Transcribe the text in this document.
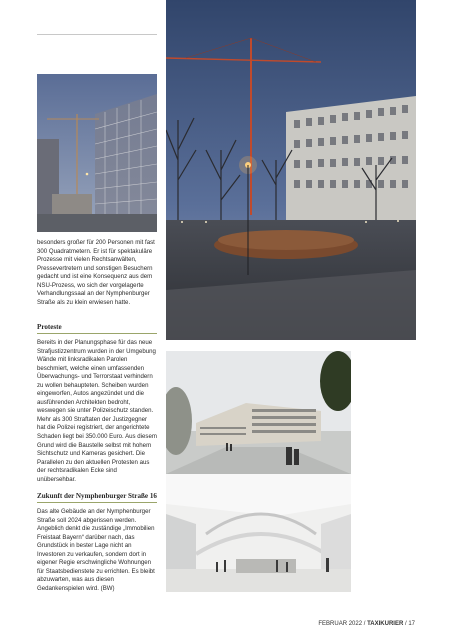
besonders großer für 200 Personen mit fast 300 Quadratmetern. Er ist für spektakuläre Prozesse mit vielen Rechtsanwälten, Pressevertretern und sonstigen Besuchern gedacht und ist eine Konsequenz aus dem NSU-Prozess, wo sich der vorgelagerte Verhandlungssaal an der Nymphenburger Straße als zu klein erwiesen hatte.

Proteste

Bereits in der Planungsphase für das neue Strafjustizzentrum wurden in der Umgebung Wände mit linksradikalen Parolen beschmiert, welche einen umfassenden Überwachungs- und Terrorstaat verhindern zu wollen behaupteten. Scheiben wurden eingeworfen, Autos angezündet und die ausführenden Architekten bedroht, weswegen sie unter Polizeischutz standen. Mehr als 300 Straftaten der Justizgegner hat die Polizei registriert, der angerichtete Schaden liegt bei 350.000 Euro. Aus diesem Grund wird die Baustelle selbst mit hohem Sichtschutz und Kameras gesichert. Die Parallelen zu den aktuellen Protesten aus der rechtsradikalen Ecke sind unübersehbar.

Zukunft der Nymphenburger Straße 16

Das alte Gebäude an der Nymphenburger Straße soll 2024 abgerissen werden. Angeblich denkt die zuständige „Immobilien Freistaat Bayern“ darüber nach, das Grundstück in bester Lage nicht an Investoren zu verkaufen, sondern dort in eigener Regie erschwingliche Wohnungen für Staatsbedienstete zu errichten. Es bleibt abzuwarten, was aus diesen Gedankenspielen wird. (BW)

FEBRUAR 2022 / TAXIKURIER / 17
